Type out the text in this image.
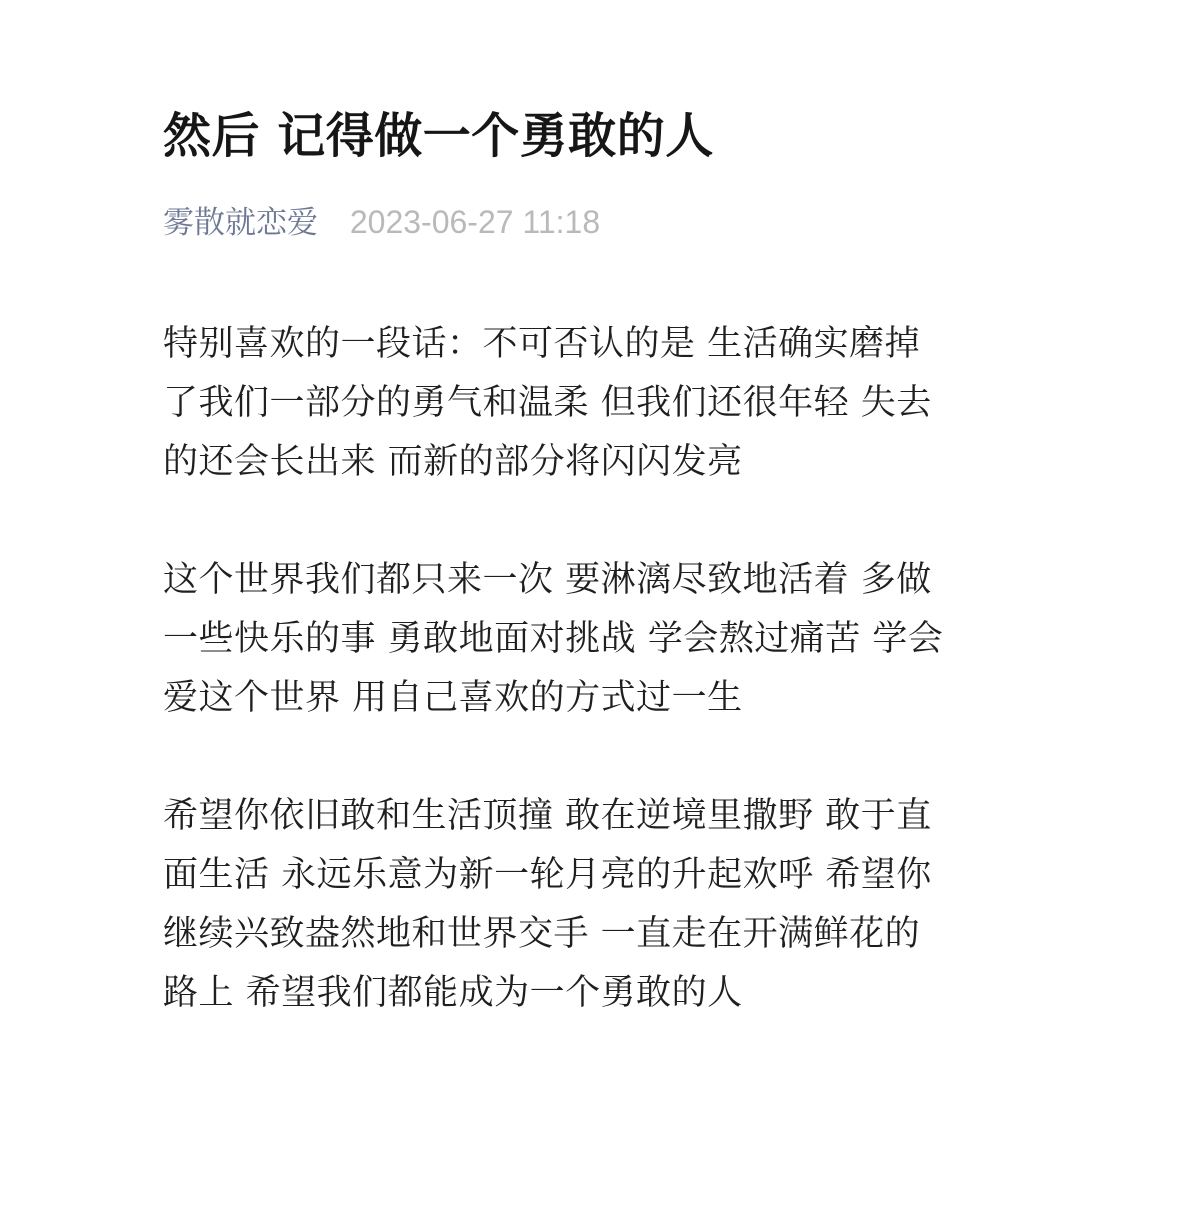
然后 记得做一个勇敢的人
雾散就恋爱 2023-06-27 11:18

特别喜欢的一段话：不可否认的是 生活确实磨掉
了我们一部分的勇气和温柔 但我们还很年轻 失去
的还会长出来 而新的部分将闪闪发亮

这个世界我们都只来一次 要淋漓尽致地活着 多做
一些快乐的事 勇敢地面对挑战 学会熬过痛苦 学会
爱这个世界 用自己喜欢的方式过一生

希望你依旧敢和生活顶撞 敢在逆境里撒野 敢于直
面生活 永远乐意为新一轮月亮的升起欢呼 希望你
继续兴致盎然地和世界交手 一直走在开满鲜花的
路上 希望我们都能成为一个勇敢的人
